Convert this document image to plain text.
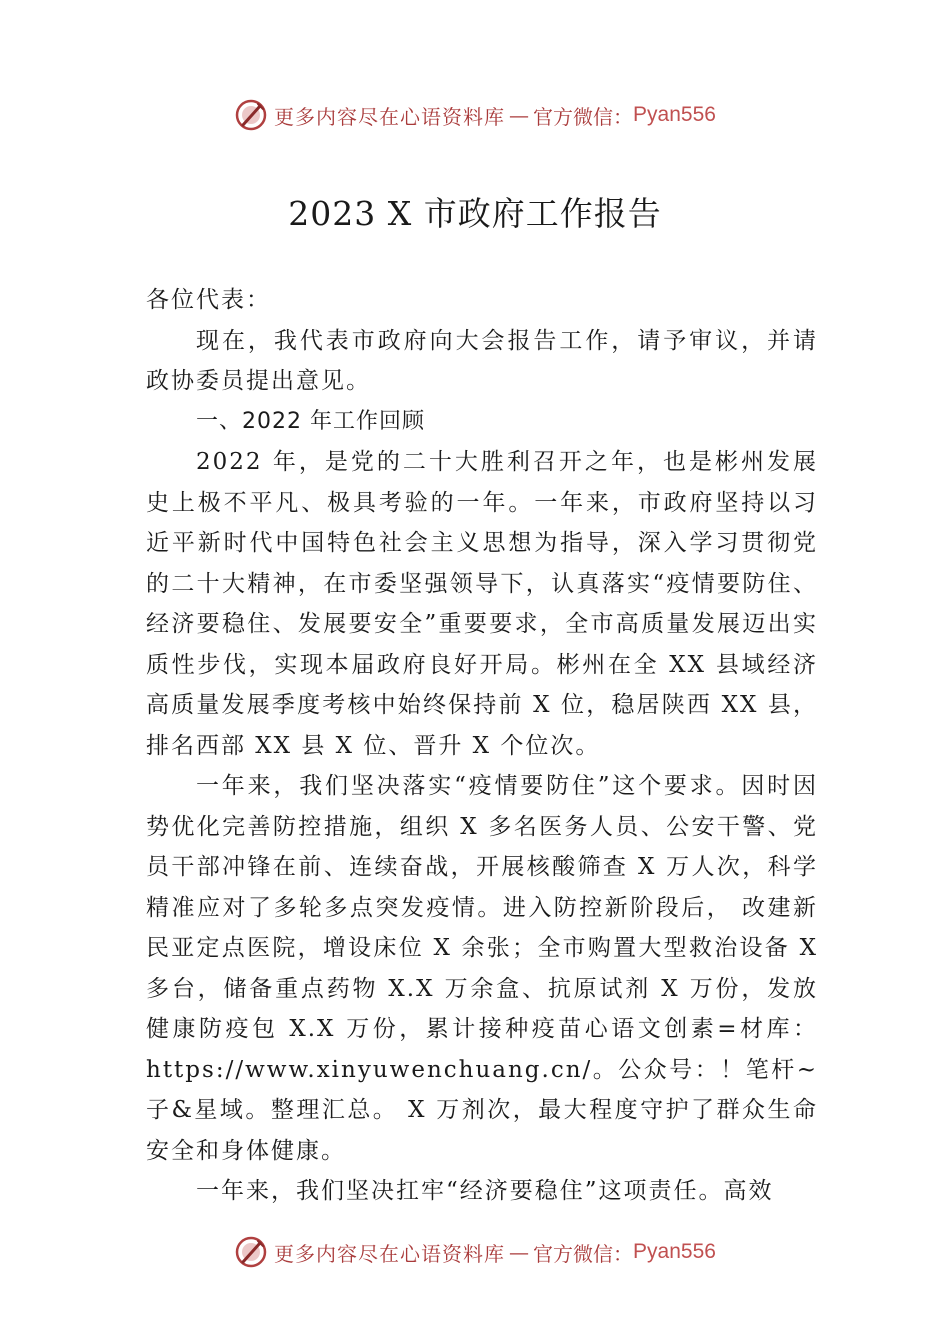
更多内容尽在心语资料库 — 官方微信： Pyan556
2023 X 市政府工作报告

各位代表：

现在，我代表市政府向大会报告工作，请予审议，并请政协委员提出意见。

一、2022 年工作回顾

2022 年，是党的二十大胜利召开之年，也是彬州发展史上极不平凡、极具考验的一年。一年来，市政府坚持以习近平新时代中国特色社会主义思想为指导，深入学习贯彻党的二十大精神，在市委坚强领导下，认真落实“疫情要防住、 经济要稳住、发展要安全”重要要求，全市高质量发展迈出实质性步伐，实现本届政府良好开局。彬州在全 XX 县域经济高质量发展季度考核中始终保持前 X 位，稳居陕西 XX 县，排名西部 XX 县 X 位、晋升 X 个位次。

一年来，我们坚决落实“疫情要防住”这个要求。因时因势优化完善防控措施，组织 X 多名医务人员、公安干警、党员干部冲锋在前、连续奋战，开展核酸筛查 X 万人次，科学精准应对了多轮多点突发疫情。进入防控新阶段后， 改建新民亚定点医院，增设床位 X 余张；全市购置大型救治设备 X 多台，储备重点药物 X.X 万余盒、抗原试剂 X 万份，发放健康防疫包 X.X 万份，累计接种疫苗心语文创素=材库：https://www.xinyuwenchuang.cn/。公众号：！笔杆~子&星域。整理汇总。 X 万剂次，最大程度守护了群众生命安全和身体健康。

一年来，我们坚决扛牢“经济要稳住”这项责任。高效

更多内容尽在心语资料库 — 官方微信： Pyan556
